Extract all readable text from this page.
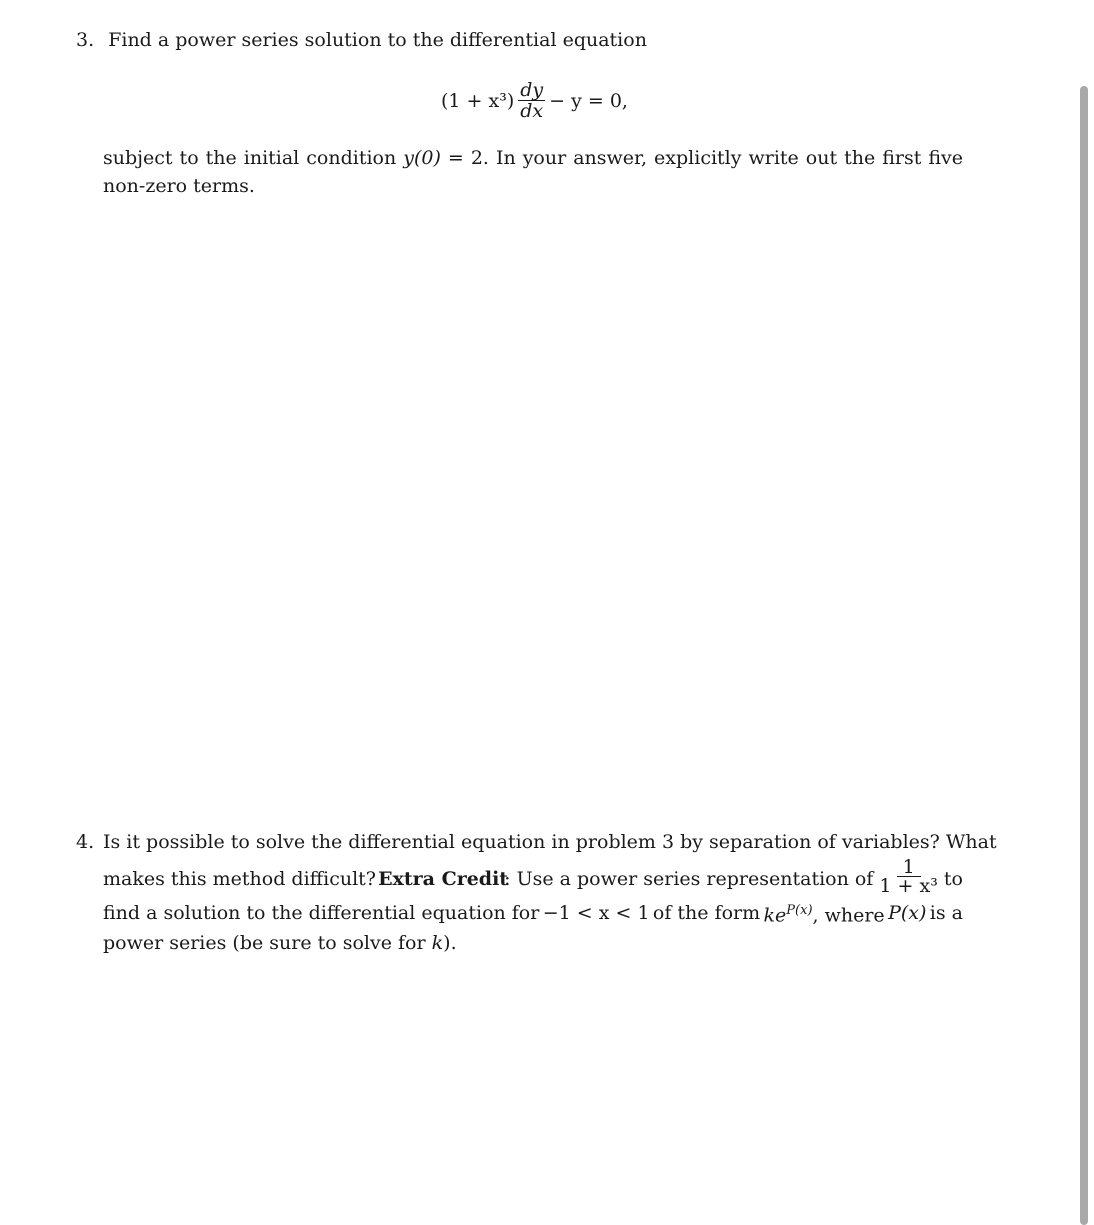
3. Find a power series solution to the differential equation
$(1 + x^3) \frac{dy}{dx} - y = 0$,
subject to the initial condition y(0) = 2. In your answer, explicitly write out the first five non-zero terms.
4. Is it possible to solve the differential equation in problem 3 by separation of variables? What
makes this method difficult? Extra Credit
: Use a power series representation of $\frac{1}{\text{1 + x³}}$ to
find a solution to the differential equation for −1 < x < 1 of the form $ke^{P(x)}$, where P(x) is a
power series (be sure to solve for k).
